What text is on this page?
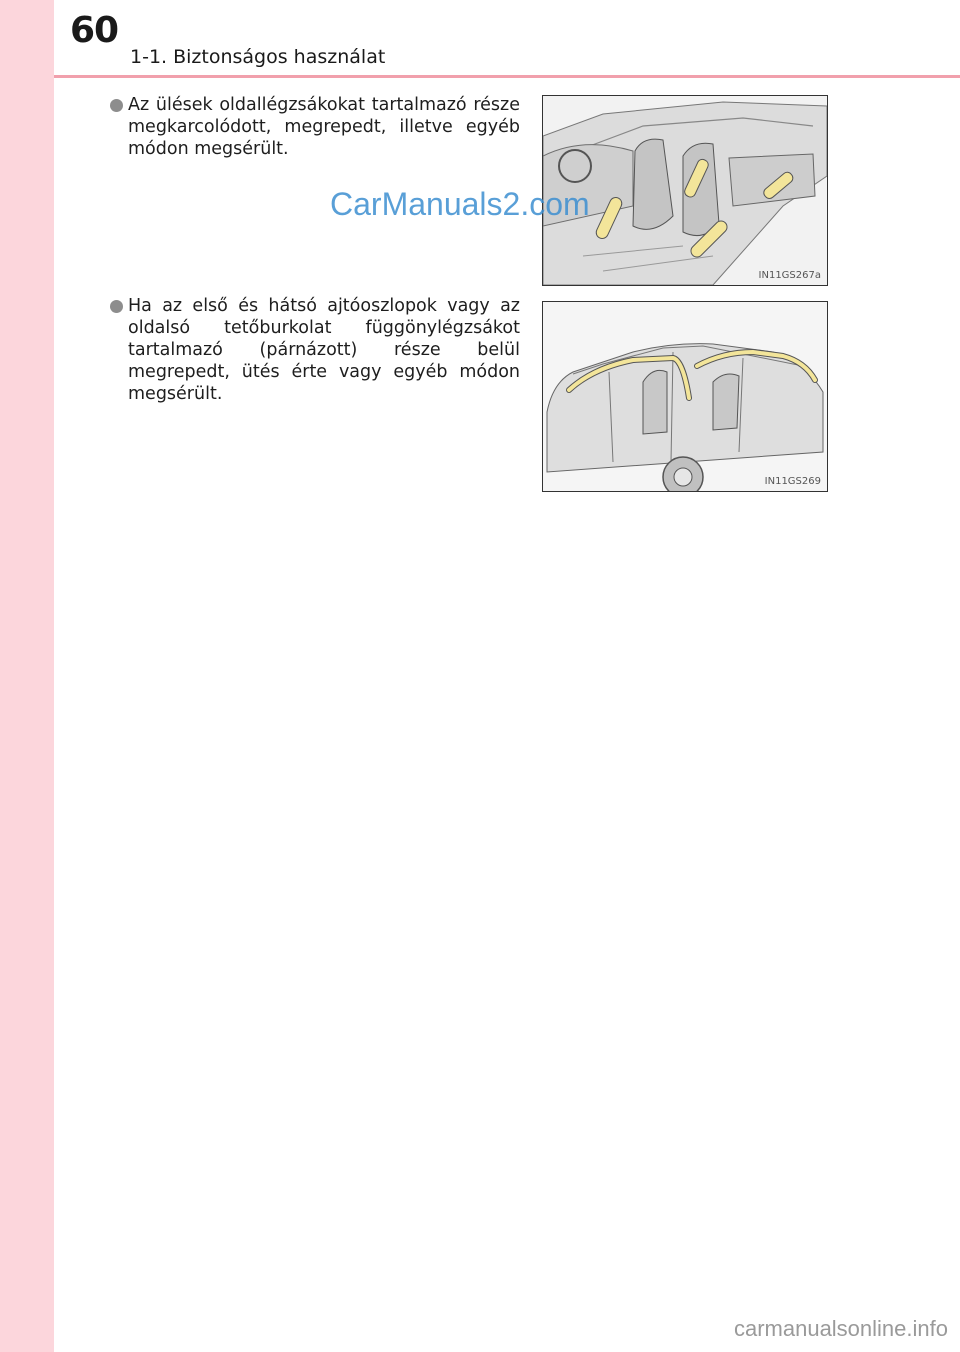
60
1-1. Biztonságos használat
Az ülések oldallégzsákokat tartalmazó része megkarcolódott, megrepedt, illetve egyéb módon megsérült.
IN11GS267a
Ha az első és hátsó ajtóoszlopok vagy az oldalsó tetőburkolat függönylégzsákot tartalmazó (párnázott) része belül megrepedt, ütés érte vagy egyéb módon megsérült.
IN11GS269
CarManuals2.com
carmanualsonline.info
